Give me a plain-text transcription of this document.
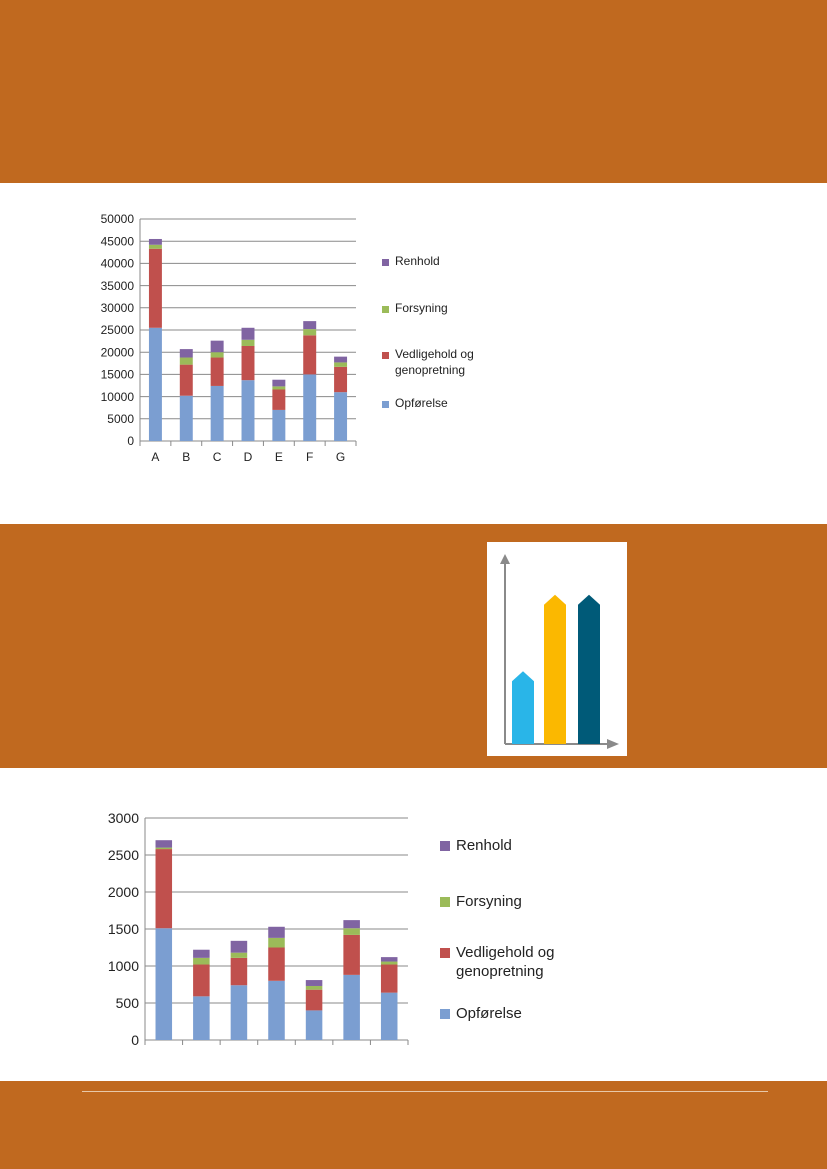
50000
45000
40000
35000
30000
25000
20000
15000
10000
5000
0
A B C D E F G
Renhold
Forsyning
Vedligehold og
genopretning
Opførelse
3000
2500
2000
1500
1000
500
0
Renhold
Forsyning
Vedligehold og
genopretning
Opførelse
